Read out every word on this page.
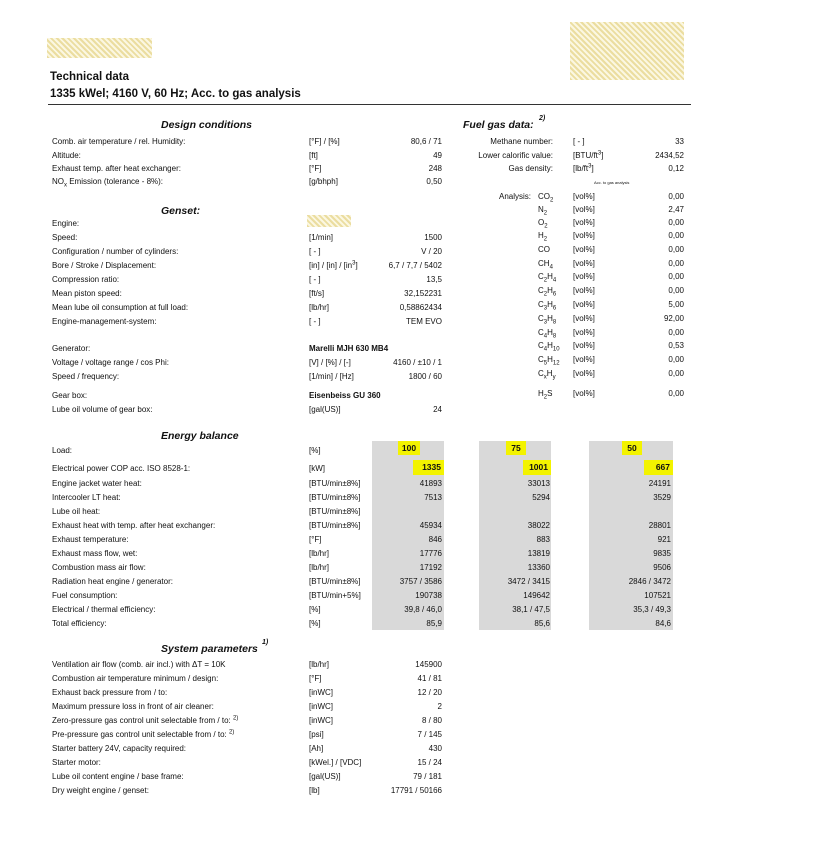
Technical data
1335 kWel; 4160 V, 60 Hz; Acc. to gas analysis
Design conditions
Comb. air temperature / rel. Humidity:	[°F] / [%]	80,6 / 71
Altitude:	[ft]	49
Exhaust temp. after heat exchanger:	[°F]	248
$NO_x$ Emission (tolerance - 8%):	[g/bhph]	0,50
Genset:
Engine:
Speed:	[1/min]	1500
Configuration / number of cylinders:	[ - ]	V / 20
Bore / Stroke / Displacement:	$[in] / [in] / [in^3]$	6,7 / 7,7 / 5402
Compression ratio:	[ - ]	13,5
Mean piston speed:	[ft/s]	32,152231
Mean lube oil consumption at full load:	[lb/hr]	0,58862434
Engine-management-system:	[ - ]	TEM EVO
Generator:	Marelli MJH 630 MB4
Voltage / voltage range / cos Phi:	[V] / [%] / [-]	4160 / ±10 / 1
Speed / frequency:	[1/min] / [Hz]	1800 / 60
Gear box:	Eisenbeiss GU 360
Lube oil volume of gear box:	[gal(US)]	24
Fuel gas data:
2)
Methane number:	[ - ]	33
Lower calorific value:	$[BTU/ft^3]$	2434,52
Gas density:	$[lb/ft^3]$	0,12
Acc. to gas analysis
Analysis: $CO_2$ [vol%]	0,00
$N_2$	[vol%]	2,47
$O_2$	[vol%]	0,00
$H_2$	[vol%]	0,00
CO	[vol%]	0,00
$CH_4$	[vol%]	0,00
$C_2H_4$ [vol%]	0,00
$C_2H_6$ [vol%]	0,00
$C_3H_6$ [vol%]	5,00
$C_3H_8$ [vol%]	92,00
$C_4H_8$ [vol%]	0,00
$C_4H_{10}$ [vol%]	0,53
$C_5H_{12}$ [vol%]	0,00
$C_xH_y$ [vol%]	0,00
$H_2S$	[vol%]	0,00
Energy balance
Load:	[%]	100	75	50
Electrical power COP acc. ISO 8528-1:	[kW]	1335	1001	667
Engine jacket water heat:	[BTU/min±8%]	41893	33013	24191
Intercooler LT heat:	[BTU/min±8%]	7513	5294	3529
Lube oil heat:	[BTU/min±8%]
Exhaust heat with temp. after heat exchanger:	[BTU/min±8%]	45934	38022	28801
Exhaust temperature:	[°F]	846	883	921
Exhaust mass flow, wet:	[lb/hr]	17776	13819	9835
Combustion mass air flow:	[lb/hr]	17192	13360	9506
Radiation heat engine / generator:	[BTU/min±8%]	3757 / 3586	3472 / 3415	2846 / 3472
Fuel consumption:	[BTU/min+5%]	190738	149642	107521
Electrical / thermal efficiency:	[%]	39,8 / 46,0	38,1 / 47,5	35,3 / 49,3
Total efficiency:	[%]	85,9	85,6	84,6
System parameters
1)
Ventilation air flow (comb. air incl.) with ΔT = 10K	[lb/hr]	145900
Combustion air temperature minimum / design:	[°F]	41 / 81
Exhaust back pressure from / to:	[inWC]	12 / 20
Maximum pressure loss in front of air cleaner:	[inWC]	2
Zero-pressure gas control unit selectable from / to: $^{2)}$	[inWC]	8 / 80
Pre-pressure gas control unit selectable from / to: $^{2)}$	[psi]	7 / 145
Starter battery 24V, capacity required:	[Ah]	430
Starter motor:	[kWel.] / [VDC]	15 / 24
Lube oil content engine / base frame:	[gal(US)]	79 / 181
Dry weight engine / genset:	[lb]	17791 / 50166
